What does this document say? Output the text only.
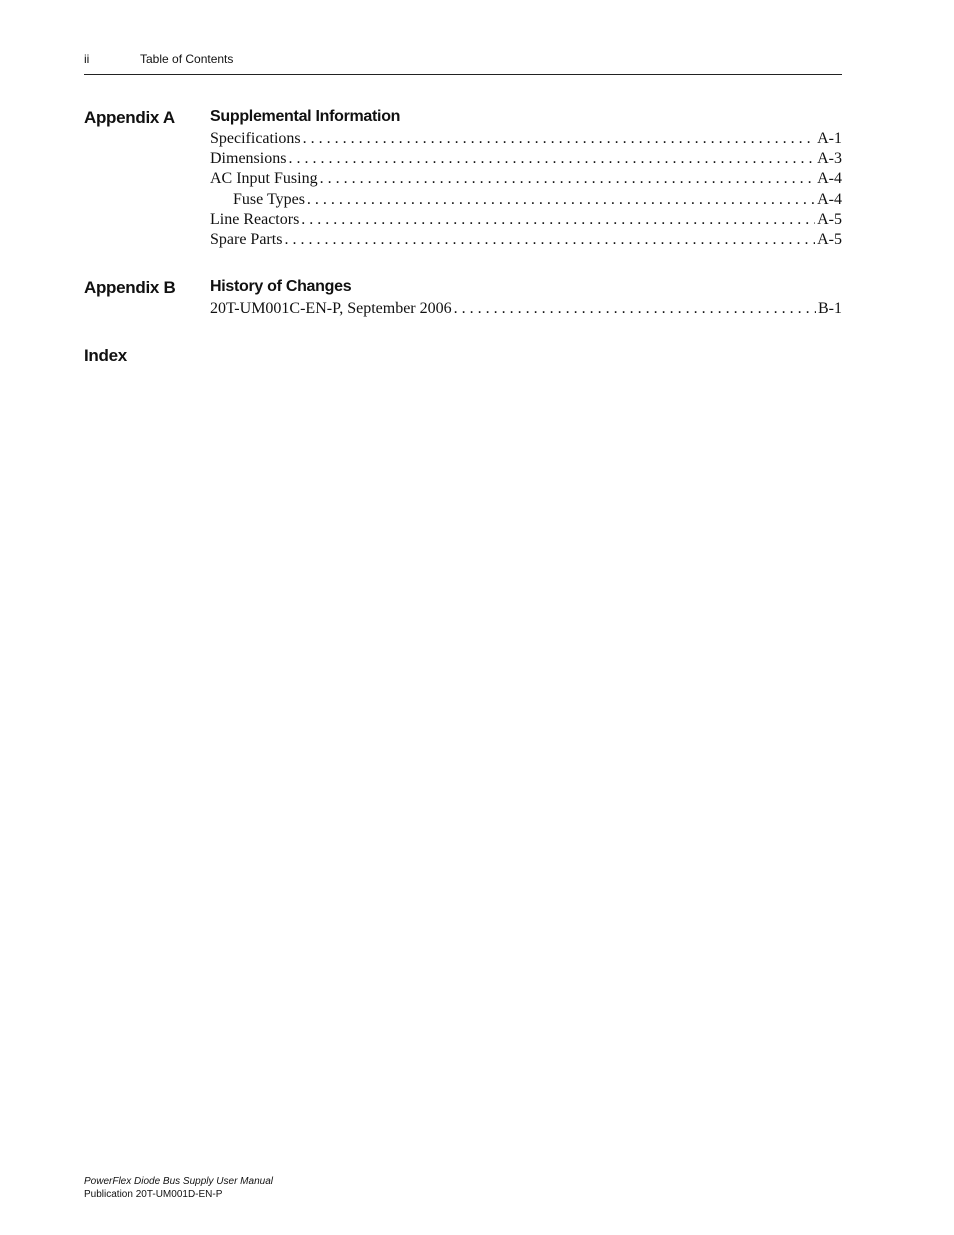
ii	Table of Contents
Appendix A Supplemental Information
Specifications . . .	A-1
Dimensions . . .	A-3
AC Input Fusing . . .	A-4
Fuse Types . . .	A-4
Line Reactors . . .	A-5
Spare Parts . . .	A-5
Appendix B History of Changes
20T-UM001C-EN-P, September 2006 . . .	B-1
Index
PowerFlex Diode Bus Supply User Manual
Publication 20T-UM001D-EN-P
